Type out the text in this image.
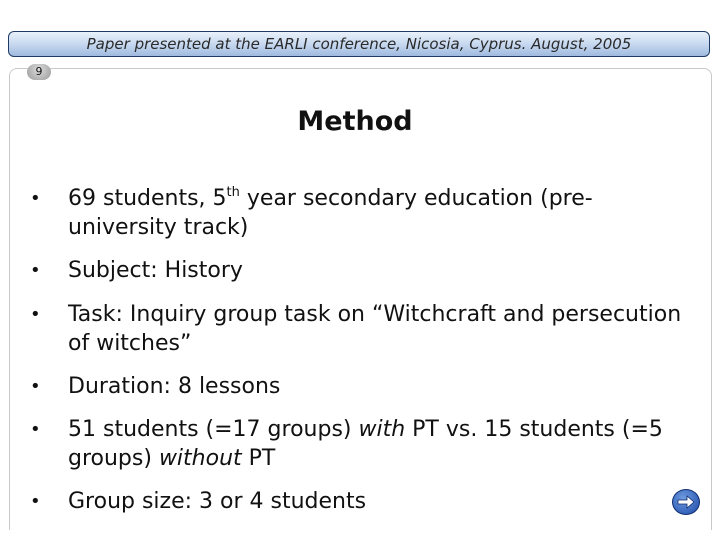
Paper presented at the EARLI conference, Nicosia, Cyprus. August, 2005
9
Method
• 69 students, 5th year secondary education (pre-university track)
• Subject: History
• Task: Inquiry group task on “Witchcraft and persecution of witches”
• Duration: 8 lessons
• 51 students (=17 groups) with PT vs. 15 students (=5 groups) without PT
• Group size: 3 or 4 students
